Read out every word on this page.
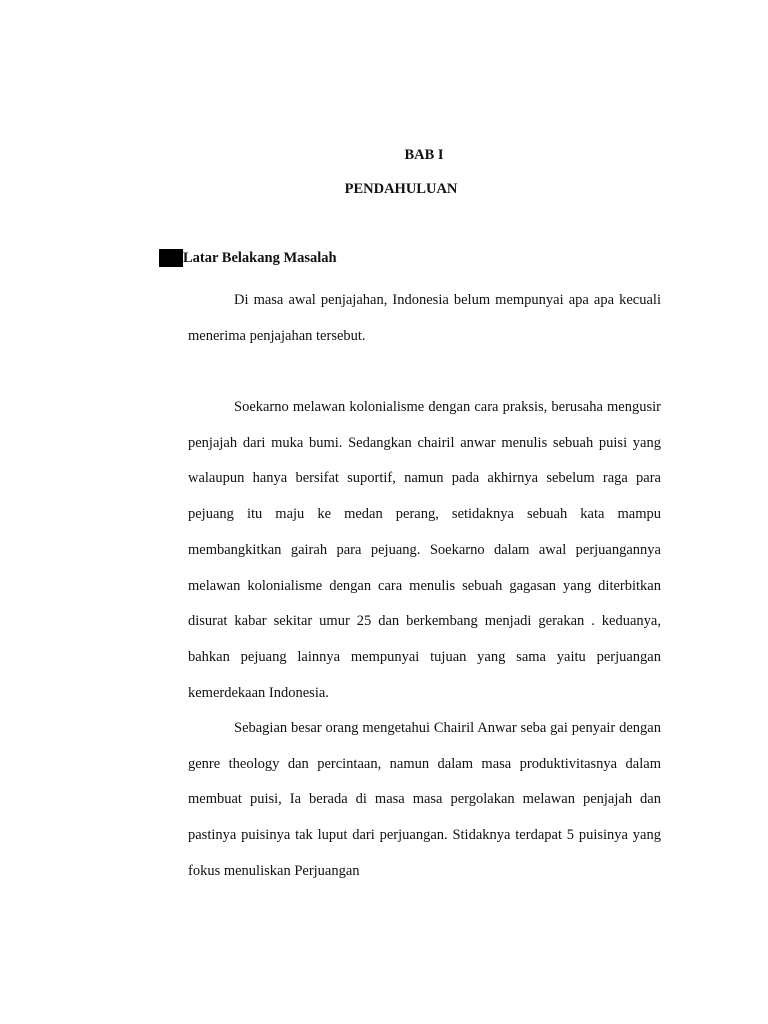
BAB I
PENDAHULUAN
Latar Belakang Masalah

Di masa awal penjajahan, Indonesia belum mempunyai apa apa kecuali menerima penjajahan tersebut.

Soekarno melawan kolonialisme dengan cara praksis, berusaha mengusir penjajah dari muka bumi. Sedangkan chairil anwar menulis sebuah puisi yang walaupun hanya bersifat suportif, namun pada akhirnya sebelum raga para pejuang itu maju ke medan perang, setidaknya sebuah kata mampu membangkitkan gairah para pejuang. Soekarno dalam awal perjuangannya melawan kolonialisme dengan cara menulis sebuah gagasan yang diterbitkan disurat kabar sekitar umur 25 dan berkembang menjadi gerakan . keduanya, bahkan pejuang lainnya mempunyai tujuan yang sama yaitu perjuangan kemerdekaan Indonesia.

Sebagian besar orang mengetahui Chairil Anwar seba gai penyair dengan genre theology dan percintaan, namun dalam masa produktivitasnya dalam membuat puisi, Ia berada di masa masa pergolakan melawan penjajah dan pastinya puisinya tak luput dari perjuangan. Stidaknya terdapat 5 puisinya yang fokus menuliskan Perjuangan
